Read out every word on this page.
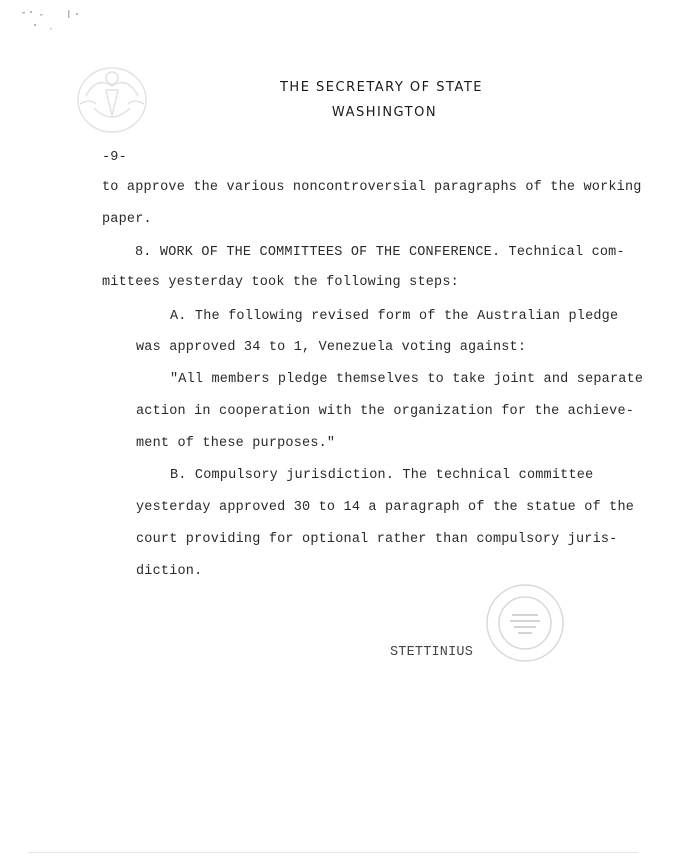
THE SECRETARY OF STATE
WASHINGTON
-9-
to approve the various noncontroversial paragraphs of the working
paper.
8. WORK OF THE COMMITTEES OF THE CONFERENCE. Technical com-
mittees yesterday took the following steps:
A. The following revised form of the Australian pledge
was approved 34 to 1, Venezuela voting against:
"All members pledge themselves to take joint and separate
action in cooperation with the organization for the achieve-
ment of these purposes."
B. Compulsory jurisdiction. The technical committee
yesterday approved 30 to 14 a paragraph of the statue of the
court providing for optional rather than compulsory juris-
diction.
STETTINIUS
